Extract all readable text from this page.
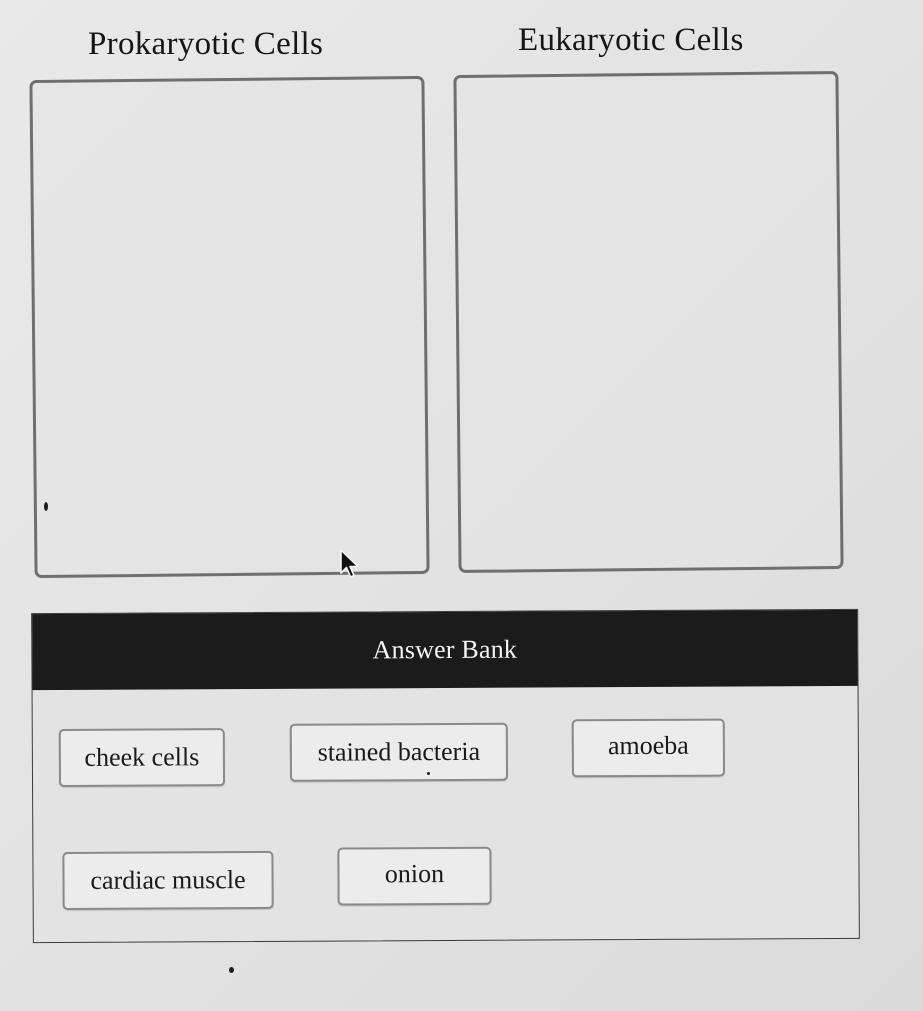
Prokaryotic Cells	Eukaryotic Cells
Answer Bank
cheek cells	stained bacteria	amoeba
cardiac muscle	onion
